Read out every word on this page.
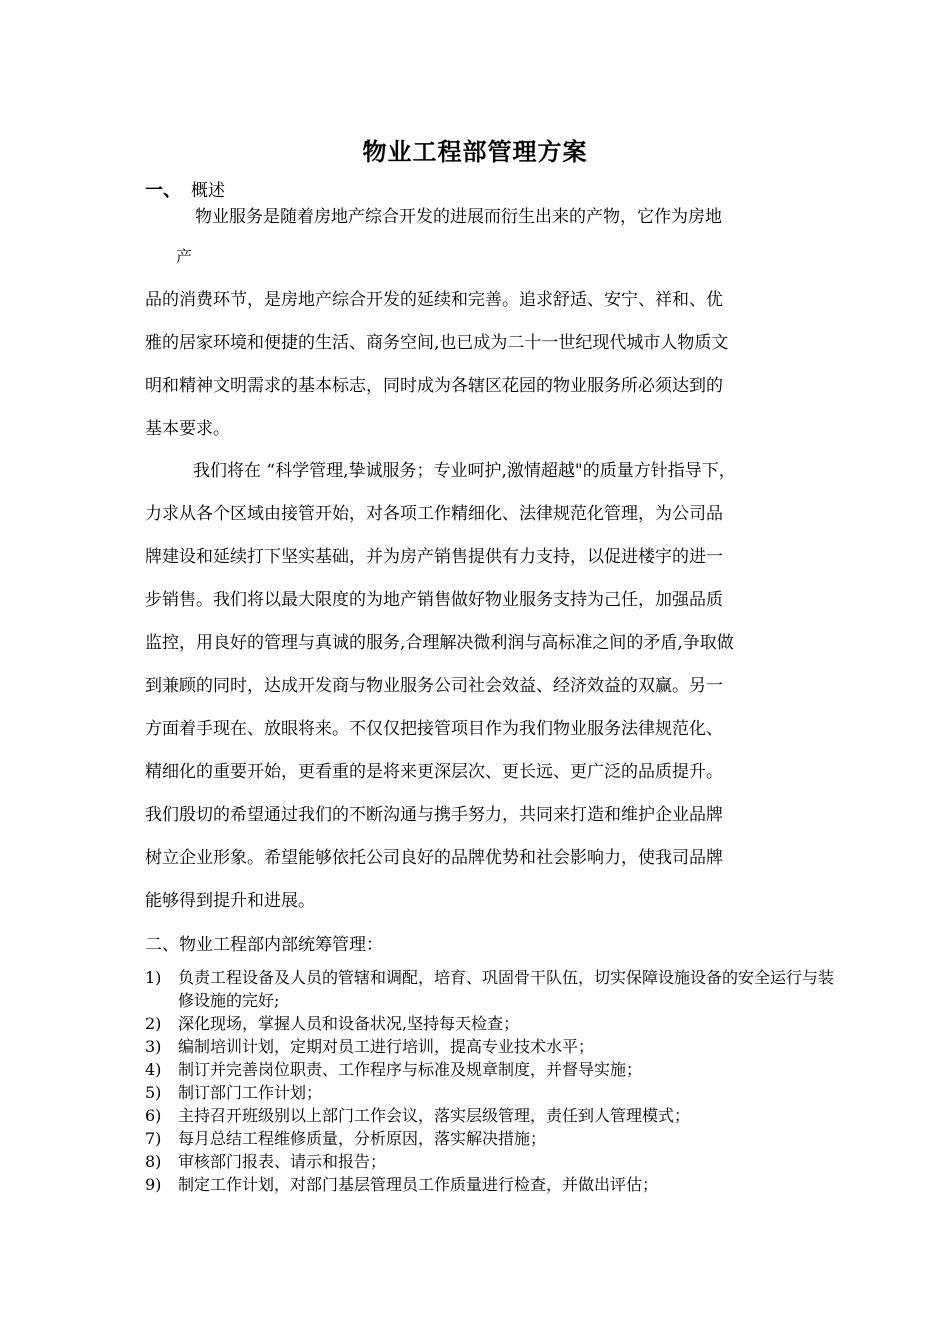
物业工程部管理方案
一、 概述
物业服务是随着房地产综合开发的进展而衍生出来的产物，它作为房地
产
品的消费环节，是房地产综合开发的延续和完善。追求舒适、安宁、祥和、优
雅的居家环境和便捷的生活、商务空间,也已成为二十一世纪现代城市人物质文
明和精神文明需求的基本标志，同时成为各辖区花园的物业服务所必须达到的
基本要求。
我们将在 “科学管理,挚诚服务；专业呵护,激情超越"的质量方针指导下，
力求从各个区域由接管开始，对各项工作精细化、法律规范化管理，为公司品
牌建设和延续打下坚实基础，并为房产销售提供有力支持，以促进楼宇的进一
步销售。我们将以最大限度的为地产销售做好物业服务支持为己任，加强品质
监控，用良好的管理与真诚的服务,合理解决微利润与高标准之间的矛盾,争取做
到兼顾的同时，达成开发商与物业服务公司社会效益、经济效益的双赢。另一
方面着手现在、放眼将来。不仅仅把接管项目作为我们物业服务法律规范化、
精细化的重要开始，更看重的是将来更深层次、更长远、更广泛的品质提升。
我们殷切的希望通过我们的不断沟通与携手努力，共同来打造和维护企业品牌
树立企业形象。希望能够依托公司良好的品牌优势和社会影响力，使我司品牌
能够得到提升和进展。
二、物业工程部内部统筹管理：
1) 负责工程设备及人员的管辖和调配，培育、巩固骨干队伍，切实保障设施设备的安全运行与装修设施的完好;
2) 深化现场，掌握人员和设备状况,坚持每天检查；
3) 编制培训计划，定期对员工进行培训，提高专业技术水平；
4) 制订并完善岗位职责、工作程序与标准及规章制度，并督导实施；
5) 制订部门工作计划；
6) 主持召开班级别以上部门工作会议，落实层级管理，责任到人管理模式；
7) 每月总结工程维修质量，分析原因，落实解决措施；
8) 审核部门报表、请示和报告；
9) 制定工作计划，对部门基层管理员工作质量进行检查，并做出评估；
